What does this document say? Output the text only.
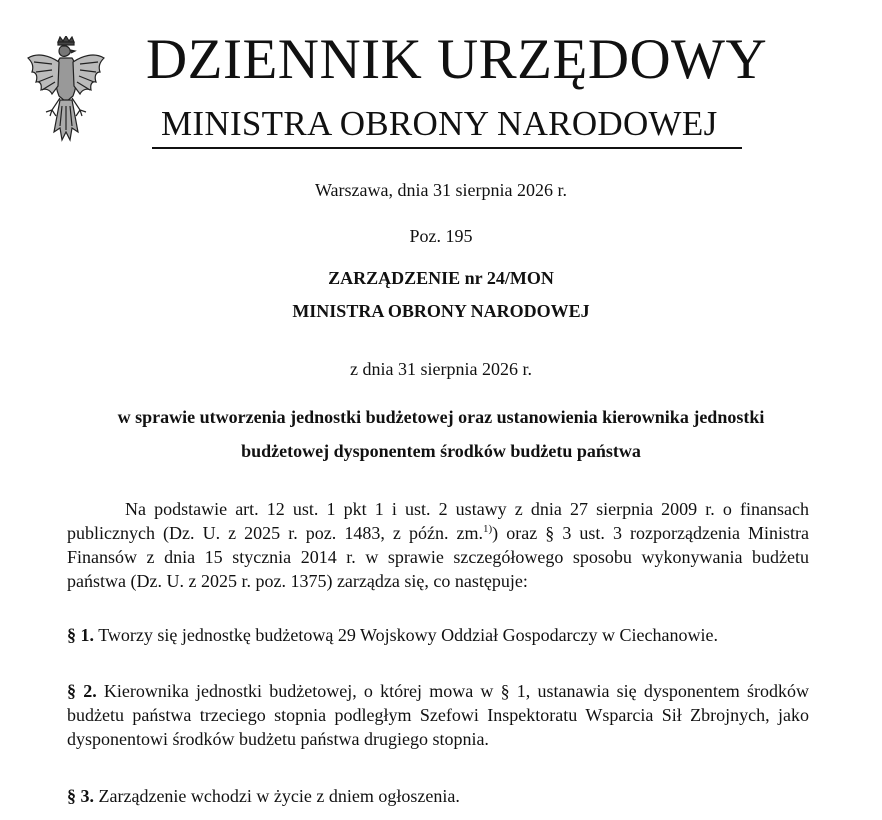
DZIENNIK URZĘDOWY
MINISTRA OBRONY NARODOWEJ
Warszawa, dnia 31 sierpnia 2026 r.
Poz. 195
ZARZĄDZENIE nr 24/MON
MINISTRA OBRONY NARODOWEJ
z dnia 31 sierpnia 2026 r.
w sprawie utworzenia jednostki budżetowej oraz ustanowienia kierownika jednostki
budżetowej dysponentem środków budżetu państwa
Na podstawie art. 12 ust. 1 pkt 1 i ust. 2 ustawy z dnia 27 sierpnia 2009 r. o finansach publicznych (Dz. U. z 2025 r. poz. 1483, z późn. zm.$^{1)}$) oraz § 3 ust. 3 rozporządzenia Ministra Finansów z dnia 15 stycznia 2014 r. w sprawie szczegółowego sposobu wykonywania budżetu państwa (Dz. U. z 2025 r. poz. 1375) zarządza się, co następuje:
§ 1. Tworzy się jednostkę budżetową 29 Wojskowy Oddział Gospodarczy w Ciechanowie.
§ 2. Kierownika jednostki budżetowej, o której mowa w § 1, ustanawia się dysponentem środków budżetu państwa trzeciego stopnia podległym Szefowi Inspektoratu Wsparcia Sił Zbrojnych, jako dysponentowi środków budżetu państwa drugiego stopnia.
§ 3. Zarządzenie wchodzi w życie z dniem ogłoszenia.
